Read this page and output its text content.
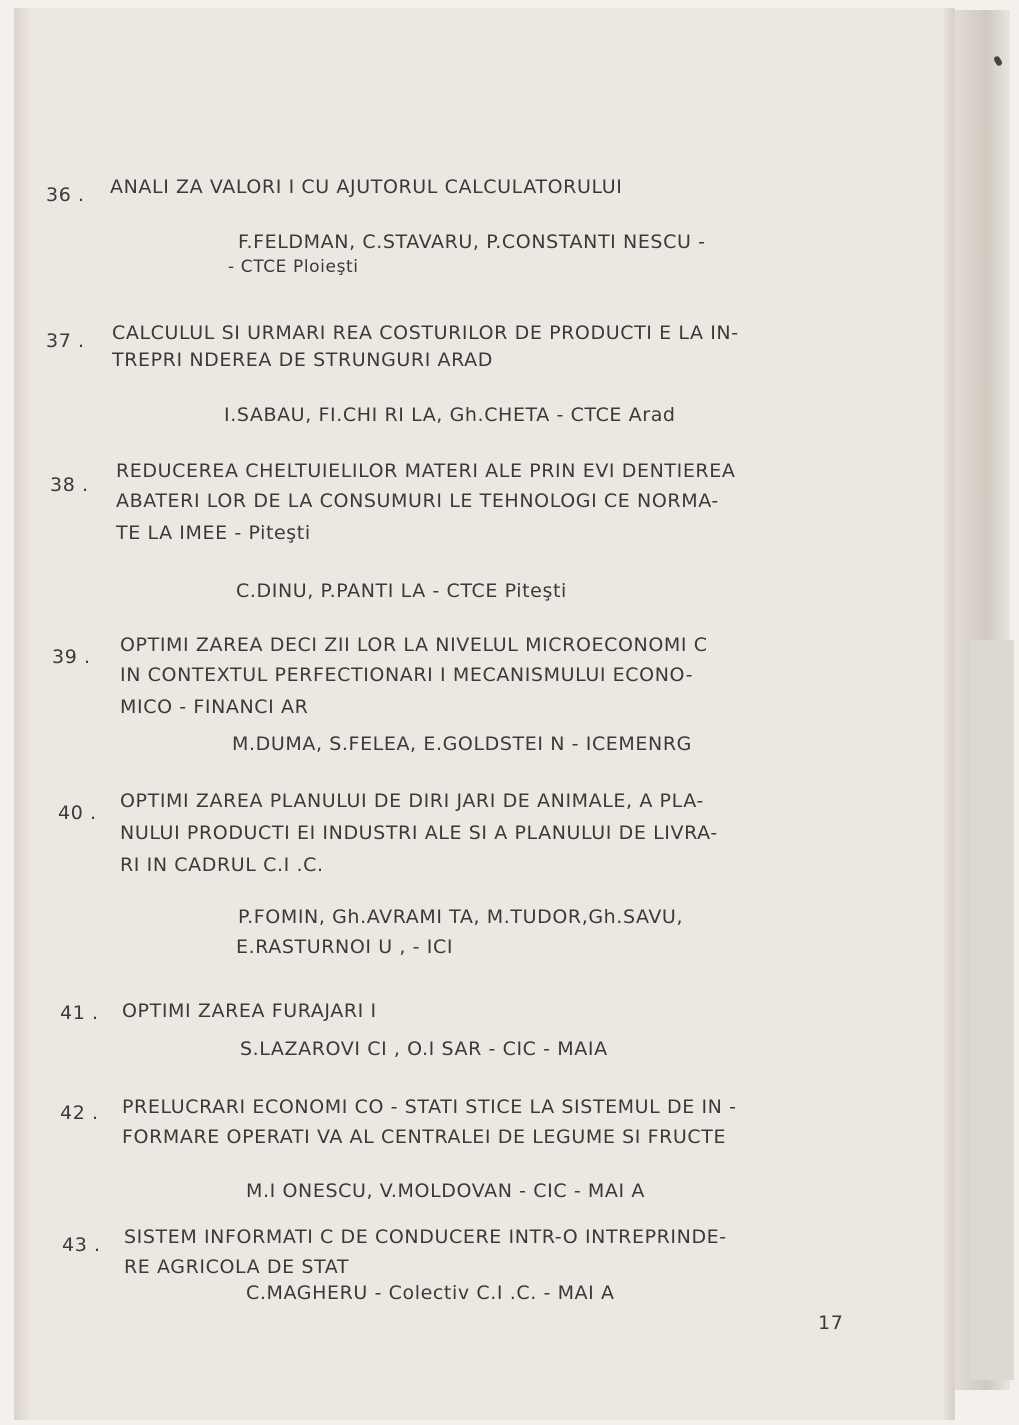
36 . ANALI ZA VALORI I CU AJUTORUL CALCULATORULUI
F.FELDMAN, C.STAVARU, P.CONSTANTI NESCU -
- CTCE Ploieşti
37 . CALCULUL SI URMARI REA COSTURILOR DE PRODUCTI E LA IN-
TREPRI NDEREA DE STRUNGURI ARAD
I.SABAU, FI.CHI RI LA, Gh.CHETA - CTCE Arad
38 .
REDUCEREA CHELTUIELILOR MATERI ALE PRIN EVI DENTIEREA
ABATERI LOR DE LA CONSUMURI LE TEHNOLOGI CE NORMA-
TE LA IMEE - Piteşti
C.DINU, P.PANTI LA - CTCE Piteşti
39 .
OPTIMI ZAREA DECI ZII LOR LA NIVELUL MICROECONOMI C
IN CONTEXTUL PERFECTIONARI I MECANISMULUI ECONO-
MICO - FINANCI AR
M.DUMA, S.FELEA, E.GOLDSTEI N - ICEMENRG
40 .
OPTIMI ZAREA PLANULUI DE DIRI JARI DE ANIMALE, A PLA-
NULUI PRODUCTI EI INDUSTRI ALE SI A PLANULUI DE LIVRA-
RI IN CADRUL C.I .C.
P.FOMIN, Gh.AVRAMI TA, M.TUDOR,Gh.SAVU,
E.RASTURNOI U , - ICI
41 . OPTIMI ZAREA FURAJARI I
S.LAZAROVI CI , O.I SAR - CIC - MAIA
42 . PRELUCRARI ECONOMI CO - STATI STICE LA SISTEMUL DE IN -
FORMARE OPERATI VA AL CENTRALEI DE LEGUME SI FRUCTE
M.I ONESCU, V.MOLDOVAN - CIC - MAI A
43 . SISTEM INFORMATI C DE CONDUCERE INTR-O INTREPRINDE-
RE AGRICOLA DE STAT
C.MAGHERU - Colectiv C.I .C. - MAI A
17
